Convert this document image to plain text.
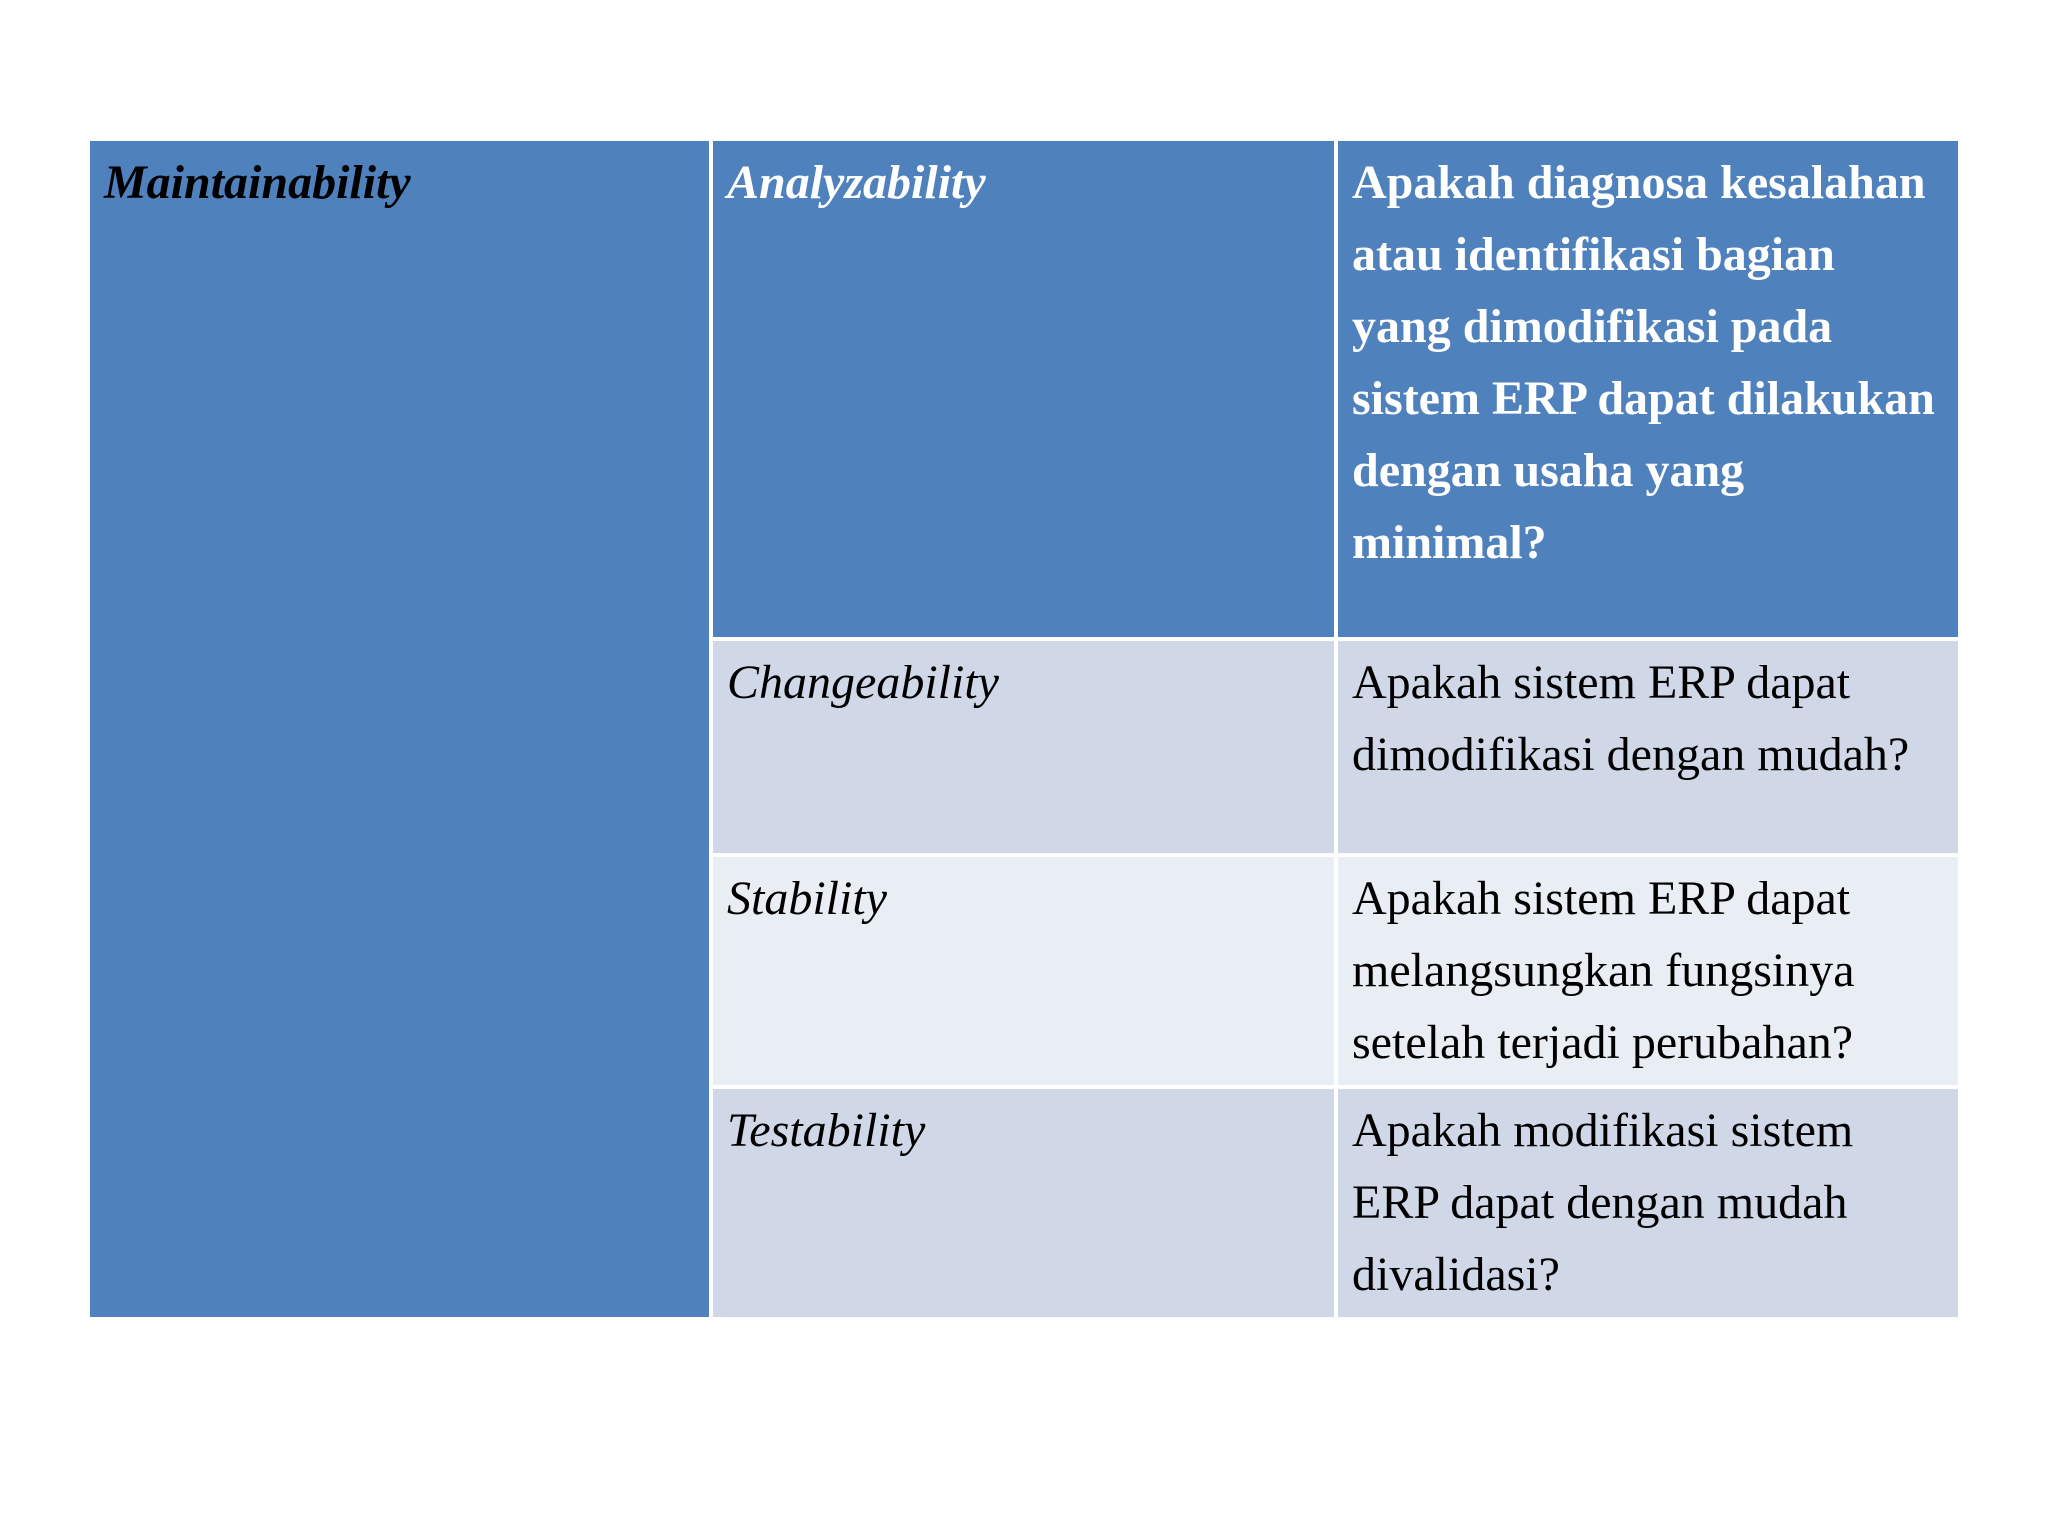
Maintainability	Analyzability	Apakah diagnosa kesalahan atau identifikasi bagian yang dimodifikasi pada sistem ERP dapat dilakukan dengan usaha yang minimal?
	Changeability	Apakah sistem ERP dapat dimodifikasi dengan mudah?
	Stability	Apakah sistem ERP dapat melangsungkan fungsinya setelah terjadi perubahan?
	Testability	Apakah modifikasi sistem ERP dapat dengan mudah divalidasi?
